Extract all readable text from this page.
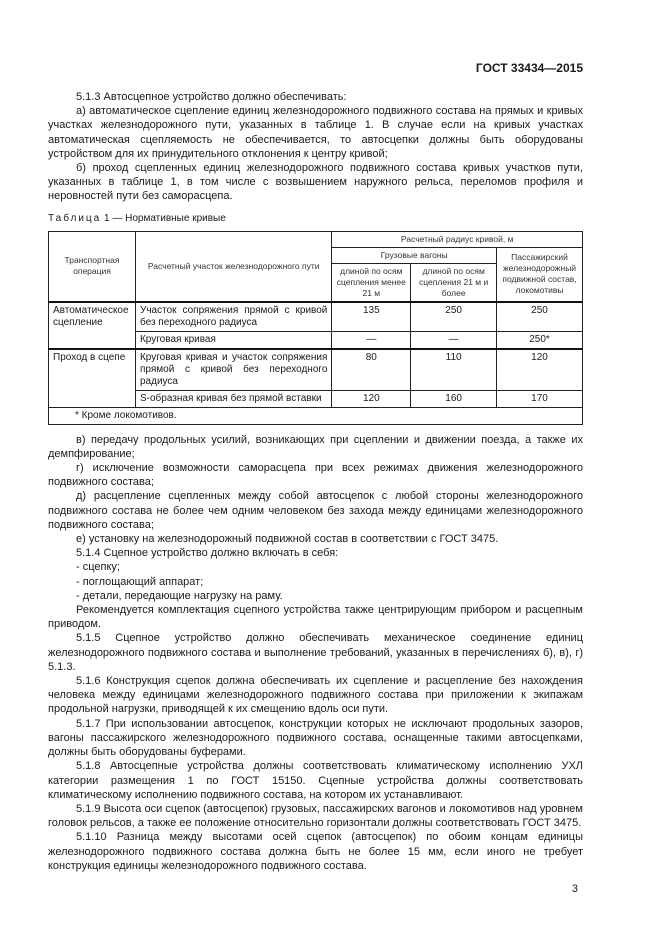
ГОСТ 33434—2015

5.1.3 Автосцепное устройство должно обеспечивать:

а) автоматическое сцепление единиц железнодорожного подвижного состава на прямых и кривых участках железнодорожного пути, указанных в таблице 1. В случае если на кривых участках автоматическая сцепляемость не обеспечивается, то автосцепки должны быть оборудованы устройством для их принудительного отклонения к центру кривой;

б) проход сцепленных единиц железнодорожного подвижного состава кривых участков пути, указанных в таблице 1, в том числе с возвышением наружного рельса, переломов профиля и неровностей пути без саморасцепа.

Таблица 1 — Нормативные кривые
Транспортная операция	Расчетный участок железнодорожного пути	Расчетный радиус кривой, м		
		Грузовые вагоны		Пассажирский железнодорожный подвижной состав, локомотивы
		длиной по осям сцепления менее 21 м	длиной по осям сцепления 21 м и более	
Автоматическое сцепление	Участок сопряжения прямой с кривой без переходного радиуса	135	250	250
	Круговая кривая	—	—	250*
Проход в сцепе	Круговая кривая и участок сопряжения прямой с кривой без переходного радиуса	80	110	120
	S-образная кривая без прямой вставки	120	160	170
* Кроме локомотивов.				

в) передачу продольных усилий, возникающих при сцеплении и движении поезда, а также их демпфирование;

г) исключение возможности саморасцепа при всех режимах движения железнодорожного подвижного состава;

д) расцепление сцепленных между собой автосцепок с любой стороны железнодорожного подвижного состава не более чем одним человеком без захода между единицами железнодорожного подвижного состава;

е) установку на железнодорожный подвижной состав в соответствии с ГОСТ 3475.

5.1.4 Сцепное устройство должно включать в себя:

- сцепку;

- поглощающий аппарат;

- детали, передающие нагрузку на раму.

Рекомендуется комплектация сцепного устройства также центрирующим прибором и расцепным приводом.

5.1.5 Сцепное устройство должно обеспечивать механическое соединение единиц железнодорожного подвижного состава и выполнение требований, указанных в перечислениях б), в), г) 5.1.3.

5.1.6 Конструкция сцепок должна обеспечивать их сцепление и расцепление без нахождения человека между единицами железнодорожного подвижного состава при приложении к экипажам продольной нагрузки, приводящей к их смещению вдоль оси пути.

5.1.7 При использовании автосцепок, конструкции которых не исключают продольных зазоров, вагоны пассажирского железнодорожного подвижного состава, оснащенные такими автосцепками, должны быть оборудованы буферами.

5.1.8 Автосцепные устройства должны соответствовать климатическому исполнению УХЛ категории размещения 1 по ГОСТ 15150. Сцепные устройства должны соответствовать климатическому исполнению подвижного состава, на котором их устанавливают.

5.1.9 Высота оси сцепок (автосцепок) грузовых, пассажирских вагонов и локомотивов над уровнем головок рельсов, а также ее положение относительно горизонтали должны соответствовать ГОСТ 3475.

5.1.10 Разница между высотами осей сцепок (автосцепок) по обоим концам единицы железнодорожного подвижного состава должна быть не более 15 мм, если иного не требует конструкция единицы железнодорожного подвижного состава.

3
